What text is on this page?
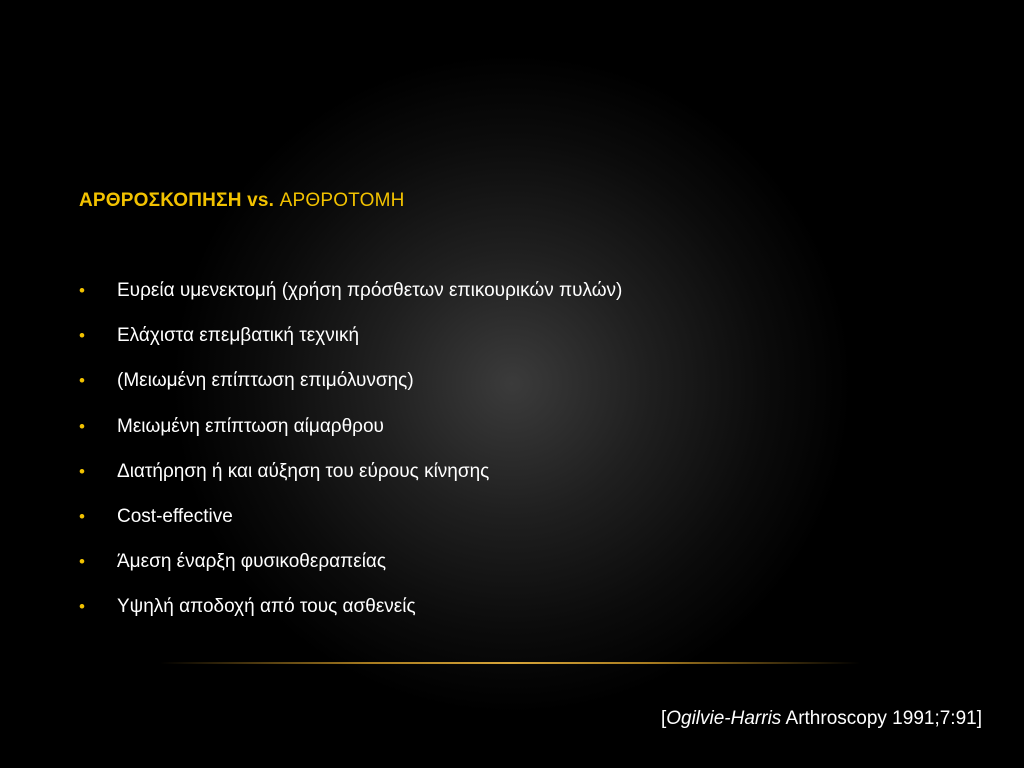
ΑΡΘΡΟΣΚΟΠΗΣΗ vs. ΑΡΘΡΟΤΟΜΗ
•	Ευρεία υμενεκτομή (χρήση πρόσθετων επικουρικών πυλών)
•	Ελάχιστα επεμβατική τεχνική
•	(Μειωμένη επίπτωση επιμόλυνσης)
•	Μειωμένη επίπτωση αίμαρθρου
•	Διατήρηση ή και αύξηση του εύρους κίνησης
•	Cost-effective
•	Άμεση έναρξη φυσικοθεραπείας
•	Υψηλή αποδοχή από τους ασθενείς
[Ogilvie-Harris Arthroscopy 1991;7:91]
